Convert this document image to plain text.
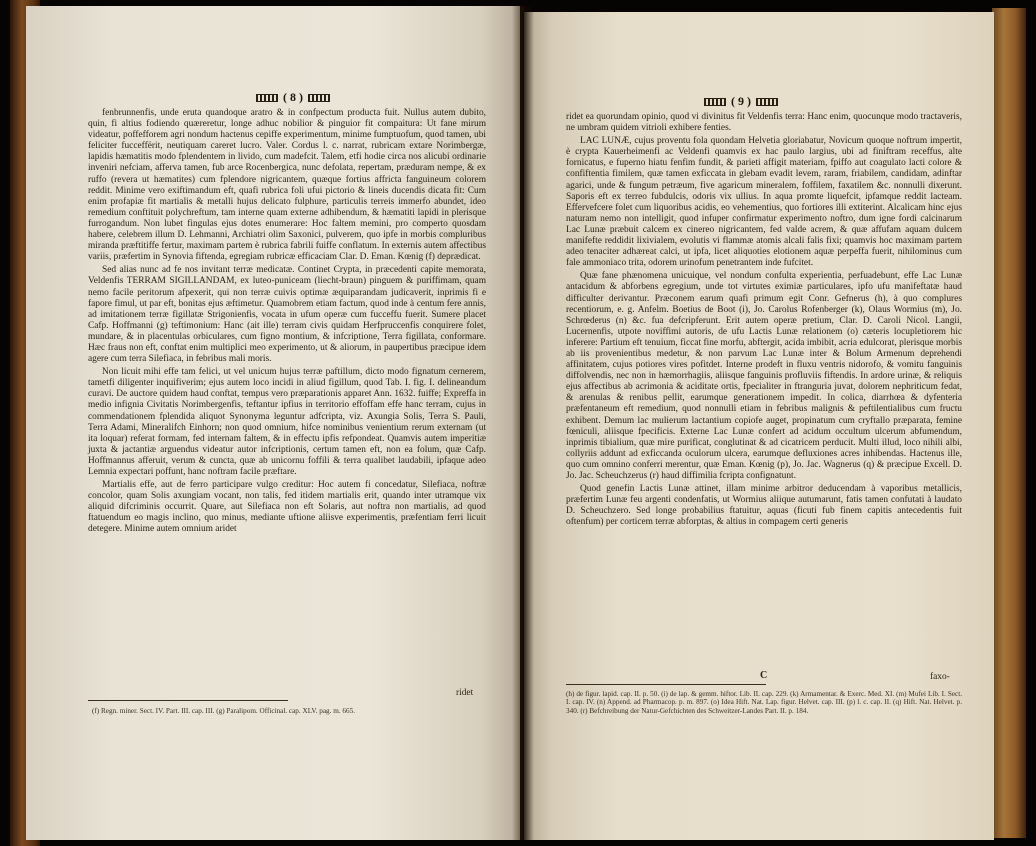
( 8 )

fenbrunnenfis, unde eruta quandoque aratro & in confpectum producta fuit. Nullus autem dubito, quin, fi altius fodiendo quæreretur, longe adhuc nobilior & pinguior fit compaitura: Ut fane mirum videatur, poffefforem agri nondum hactenus cepiffe experimentum, minime fumptuofum, quod tamen, ubi feliciter fucceffërit, neutiquam careret lucro. Valer. Cordus l. c. narrat, rubricam extare Norimbergæ, lapidis hæmatitis modo fplendentem in livido, cum madefcit. Talem, etfi hodie circa nos alicubi ordinarie inveniri nefciam, afferva tamen, fub arce Rocenbergica, nunc defolata, repertam, præduram nempe, & ex ruffo (revera ut hæmatites) cum fplendore nigricantem, quæque fortius affricta fanguineum colorem reddit. Minime vero exiftimandum eft, quafi rubrica foli ufui pictorio & lineis ducendis dicata fit: Cum enim profapiæ fit martialis & metalli hujus delicato fulphure, particulis terreis immerfo abundet, ideo remedium conftituit polychreftum, tam interne quam externe adhibendum, & hæmatiti lapidi in plerisque furrogandum. Non lubet fingulas ejus dotes enumerare: Hoc faltem memini, pro comperto quosdam habere, celebrem illum D. Lehmanni, Archiatri olim Saxonici, pulverem, quo ipfe in morbis compluribus miranda præftitiffe fertur, maximam partem è rubrica fabrili fuiffe conflatum. In externis autem affectibus variis, præfertim in Synovia fiftenda, egregiam rubricæ efficaciam Clar. D. Eman. Kœnig (f) deprædicat.

Sed alias nunc ad fe nos invitant terræ medicatæ. Continet Crypta, in præcedenti capite memorata, Veldenfis TERRAM SIGILLANDAM, ex luteo-puniceam (liecht-braun) pinguem & puriffimam, quam nemo facile peritorum afpexerit, qui non terræ cuivis optimæ æquiparandam judicaverit, inprimis fi e fapore fimul, ut par eft, bonitas ejus æftimetur. Quamobrem etiam factum, quod inde à centum fere annis, ad imitationem terræ figillatæ Strigonienfis, vocata in ufum operæ cum fucceffu fuerit. Sumere placet Cafp. Hoffmanni (g) teftimonium: Hanc (ait ille) terram civis quidam Herfpruccenfis conquirere folet, mundare, & in placentulas orbiculares, cum figno montium, & infcriptione, Terra figillata, conformare. Hæc fraus non eft, conftat enim multiplici meo experimento, ut & aliorum, in paupertibus præcipue idem agere cum terra Silefiaca, in febribus mali moris.

Non licuit mihi effe tam felici, ut vel unicum hujus terræ paftillum, dicto modo fignatum cernerem, tametfi diligenter inquifiverim; ejus autem loco incidi in aliud figillum, quod Tab. I. fig. I. delineandum curavi. De auctore quidem haud conftat, tempus vero præparationis apparet Ann. 1632. fuiffe; Expreffa in medio infignia Civitatis Norimbergenfis, teftantur ipfius in territorio effoffam effe hanc terram, cujus in commendationem fplendida aliquot Synonyma leguntur adfcripta, viz. Axungia Solis, Terra S. Pauli, Terra Adami, Mineralifch Einhorn; non quod omnium, hifce nominibus venientium rerum externam (ut ita loquar) referat formam, fed internam faltem, & in effectu ipfis refpondeat. Quamvis autem imperitiæ juxta & jactantiæ arguendus videatur autor infcriptionis, certum tamen eft, non ea folum, quæ Cafp. Hoffmannus afferuit, verum & cuncta, quæ ab unicornu foffili & terra qualibet laudabili, ipfaque adeo Lemnia expectari poffunt, hanc noftram facile præftare.

Martialis effe, aut de ferro participare vulgo creditur: Hoc autem fi concedatur, Silefiaca, noftræ concolor, quam Solis axungiam vocant, non talis, fed itidem martialis erit, quando inter utramque vix aliquid difcriminis occurrit. Quare, aut Silefiaca non eft Solaris, aut noftra non martialis, ad quod ftatuendum eo magis inclino, quo minus, mediante uftione aliisve experimentis, præfentiam ferri licuit detegere. Minime autem omnium aridet

ridet
(f) Regn. miner. Sect. IV. Part. III. cap. III. (g) Paralipom. Officinal. cap. XLV. pag. m. 665.
( 9 )

ridet ea quorundam opinio, quod vi divinitus fit Veldenfis terra: Hanc enim, quocunque modo tractaveris, ne umbram quidem vitrioli exhibere fenties.

LAC LUNÆ, cujus proventu fola quondam Helvetia gloriabatur, Novicum quoque noftrum impertit, è crypta Kauerheimenfi ac Veldenfi quamvis ex hac paulo largius, ubi ad finiftram receffus, alte fornicatus, e fuperno hiatu fenfim fundit, & parieti affigit materiam, fpiffo aut coagulato lacti colore & confiftentia fimilem, quæ tamen exficcata in glebam evadit levem, raram, friabilem, candidam, adinftar agarici, unde & fungum petræum, five agaricum mineralem, foffilem, faxatilem &c. nonnulli dixerunt. Saporis eft ex terreo fubdulcis, odoris vix ullius. In aqua promte liquefcit, ipfamque reddit lacteam. Effervefcere folet cum liquoribus acidis, eo vehementius, quo fortiores illi extiterint. Alcalicam hinc ejus naturam nemo non intelligit, quod infuper confirmatur experimento noftro, dum igne fordi calcinarum Lac Lunæ præbuit calcem ex cinereo nigricantem, fed valde acrem, & quæ affufam aquam dulcem manifefte reddidit lixivialem, evolutis vi flammæ atomis alcali falis fixi; quamvis hoc maximam partem adeo tenaciter adhæreat calci, ut ipfa, licet aliquoties elotionem aquæ perpeffa fuerit, nihilominus cum fale ammoniaco trita, odorem urinofum penetrantem inde fufcitet.

Quæ fane phænomena unicuique, vel nondum confulta experientia, perfuadebunt, effe Lac Lunæ antacidum & abforbens egregium, unde tot virtutes eximiæ particulares, ipfo ufu manifeftatæ haud difficulter derivantur. Præconem earum quafi primum egit Conr. Gefnerus (h), à quo complures recentiorum, e. g. Anfelm. Boetius de Boot (i), Jo. Carolus Rofenberger (k), Olaus Wormius (m), Jo. Schrœderus (n) &c. fua defcripferunt. Erit autem operæ pretium, Clar. D. Caroli Nicol. Langii, Lucernenfis, utpote noviffimi autoris, de ufu Lactis Lunæ relationem (o) cæteris locupletiorem hic inferere: Partium eft tenuium, ficcat fine morfu, abftergit, acida imbibit, acria edulcorat, plerisque morbis ab iis provenientibus medetur, & non parvum Lac Lunæ inter & Bolum Armenum deprehendi affinitatem, cujus potiores vires pofitdet. Interne prodeft in fluxu ventris nidorofo, & vomitu fanguinis diffolvendis, nec non in hæmorrhagiis, aliisque fanguinis profluviis fiftendis. In ardore urinæ, & reliquis ejus affectibus ab acrimonia & aciditate ortis, fpecialiter in ftranguria juvat, dolorem nephriticum fedat, & arenulas & renibus pellit, earumque generationem impedit. In colica, diarrhœa & dyfenteria præfentaneum eft remedium, quod nonnulli etiam in febribus malignis & peftilentialibus cum fructu exhibent. Demum lac mulierum lactantium copiofe auget, propinatum cum cryftallo præparata, femine fœniculi, aliisque fpecificis. Externe Lac Lunæ confert ad acidum occultum ulcerum abfumendum, inprimis tibialium, quæ mire purificat, conglutinat & ad cicatricem perducit. Multi illud, loco nihili albi, collyriis addunt ad exficcanda oculorum ulcera, earumque defluxiones acres inhibendas. Hactenus ille, quo cum omnino conferri merentur, quæ Eman. Kœnig (p), Jo. Jac. Wagnerus (q) & præcipue Excell. D. Jo. Jac. Scheuchzerus (r) haud diffimilia fcripta confignatunt.

Quod genefin Lactis Lunæ attinet, illam minime arbitror deducendam à vaporibus metallicis, præfertim Lunæ feu argenti condenfatis, ut Wormius aliique autumarunt, fatis tamen confutati à laudato D. Scheuchzero. Sed longe probabilius ftatuitur, aquas (ficuti fub finem capitis antecedentis fuit oftenfum) per corticem terræ abforptas, & altius in compagem certi generis

C	faxo-
(h) de figur. lapid. cap. II. p. 50. (i) de lap. & gemm. hiftor. Lib. II. cap. 229. (k) Armamentar. & Exerc. Med. XI. (m) Mufei Lib. I. Sect. I. cap. IV. (n) Append. ad Pharmacop. p. m. 897. (o) Idea Hift. Nat. Lap. figur. Helvet. cap. III. (p) l. c. cap. II. (q) Hift. Nat. Helvet. p. 340. (r) Befchreibung der Natur-Gefchichten des Schweitzer-Landes Part. II. p. 184.
